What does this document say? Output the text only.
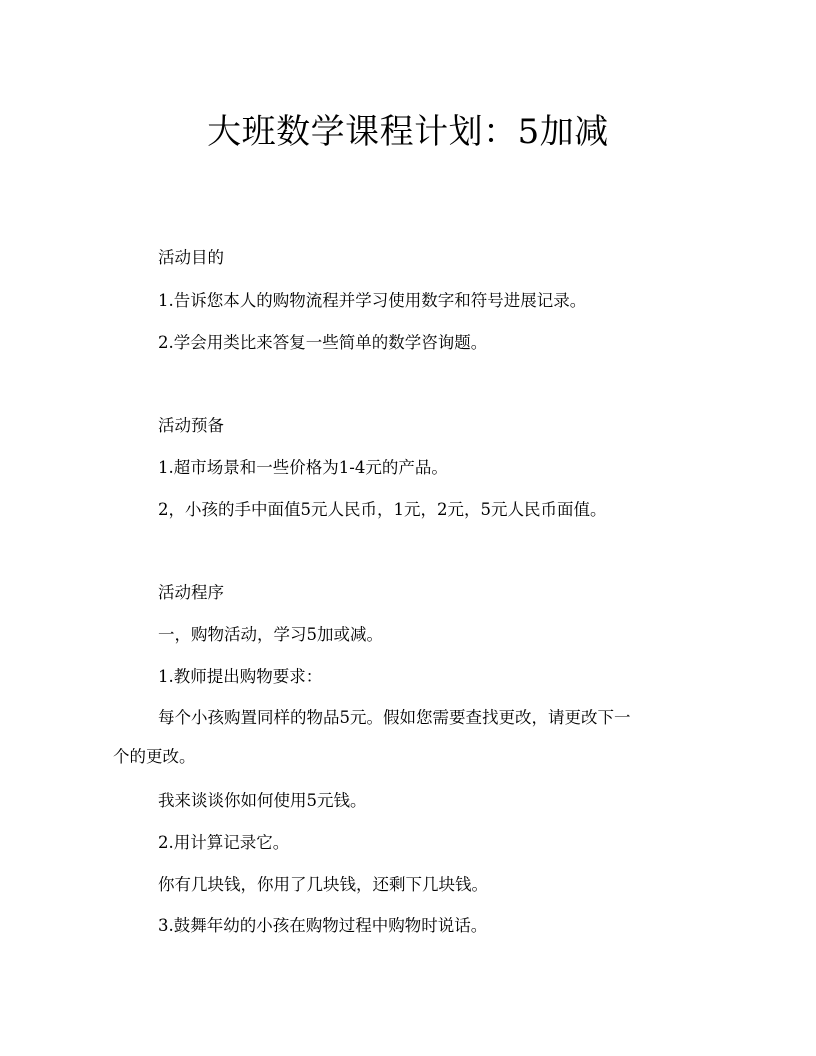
大班数学课程计划：5加减
活动目的
1.告诉您本人的购物流程并学习使用数字和符号进展记录。
2.学会用类比来答复一些简单的数学咨询题。
活动预备
1.超市场景和一些价格为1-4元的产品。
2，小孩的手中面值5元人民币，1元，2元，5元人民币面值。
活动程序
一，购物活动，学习5加或减。
1.教师提出购物要求：
每个小孩购置同样的物品5元。假如您需要查找更改，请更改下一
个的更改。
我来谈谈你如何使用5元钱。
2.用计算记录它。
你有几块钱，你用了几块钱，还剩下几块钱。
3.鼓舞年幼的小孩在购物过程中购物时说话。
